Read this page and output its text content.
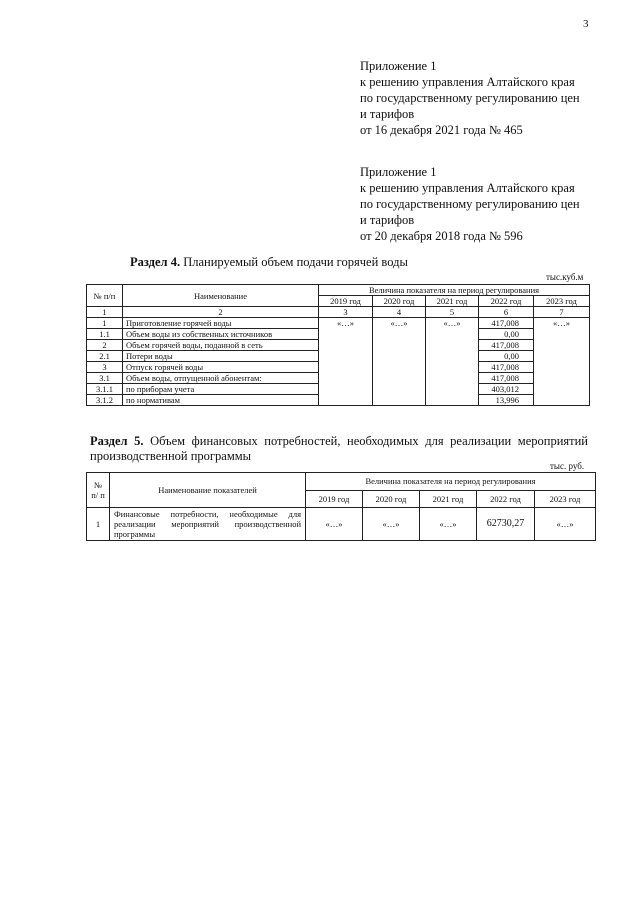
3
Приложение 1
к решению управления Алтайского края
по государственному регулированию цен
и тарифов
от 16 декабря 2021 года № 465
Приложение 1
к решению управления Алтайского края
по государственному регулированию цен
и тарифов
от 20 декабря 2018 года № 596
Раздел 4. Планируемый объем подачи горячей воды
тыс.куб.м
№ п/п	Наименование	Величина показателя на период регулирования				
		2019 год	2020 год	2021 год	2022 год	2023 год
1	2	3	4	5	6	7
1	Приготовление горячей воды	«…»	«…»	«…»	417,008	«…»
1.1	Объем воды из собственных источников				0,00	
2	Объем горячей воды, поданной в сеть				417,008	
2.1	Потери воды				0,00	
3	Отпуск горячей воды				417,008	
3.1	Объем воды, отпущенной абонентам:				417,008	
3.1.1	по приборам учета				403,012	
3.1.2	по нормативам				13,996	
Раздел 5. Объем финансовых потребностей, необходимых для реализации мероприятий производственной программы
тыс. руб.
№ п/ п	Наименование показателей	Величина показателя на период регулирования				
		2019 год	2020 год	2021 год	2022 год	2023 год
1	Финансовые потребности, необходимые для реализации мероприятий производственной программы	«…»	«…»	«…»	62730,27	«…»
